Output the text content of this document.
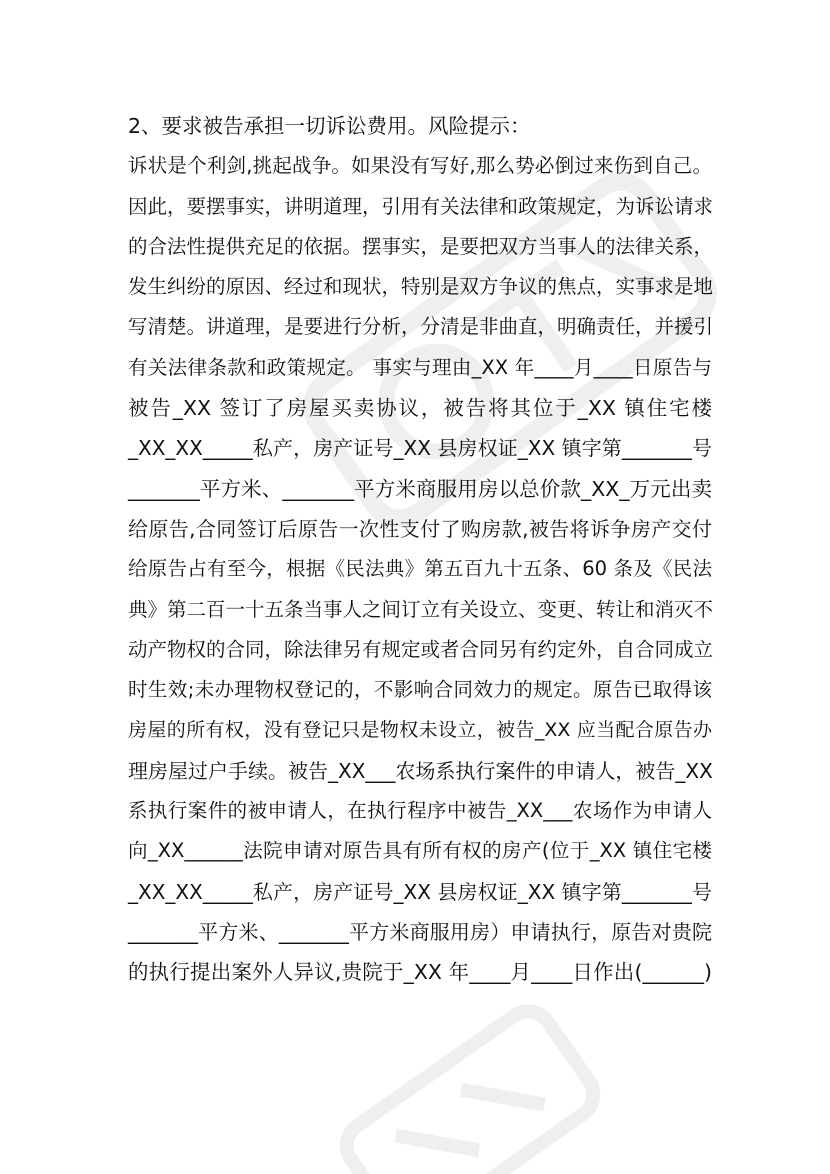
2、要求被告承担一切诉讼费用。风险提示：
诉状是个利剑,挑起战争。如果没有写好,那么势必倒过来伤到自己。
因此，要摆事实，讲明道理，引用有关法律和政策规定，为诉讼请求
的合法性提供充足的依据。摆事实，是要把双方当事人的法律关系，
发生纠纷的原因、经过和现状，特别是双方争议的焦点，实事求是地
写清楚。讲道理，是要进行分析，分清是非曲直，明确责任，并援引
有关法律条款和政策规定。 事实与理由_XX 年____月____日原告与
被告_XX 签订了房屋买卖协议，被告将其位于_XX 镇住宅楼
_XX_XX_____私产，房产证号_XX 县房权证_XX 镇字第_______号
_______平方米、_______平方米商服用房以总价款_XX_万元出卖
给原告,合同签订后原告一次性支付了购房款,被告将诉争房产交付
给原告占有至今，根据《民法典》第五百九十五条、60 条及《民法
典》第二百一十五条当事人之间订立有关设立、变更、转让和消灭不
动产物权的合同，除法律另有规定或者合同另有约定外，自合同成立
时生效;未办理物权登记的，不影响合同效力的规定。原告已取得该
房屋的所有权，没有登记只是物权未设立，被告_XX 应当配合原告办
理房屋过户手续。被告_XX___农场系执行案件的申请人，被告_XX
系执行案件的被申请人，在执行程序中被告_XX___农场作为申请人
向_XX______法院申请对原告具有所有权的房产(位于_XX 镇住宅楼
_XX_XX_____私产，房产证号_XX 县房权证_XX 镇字第_______号
_______平方米、_______平方米商服用房）申请执行，原告对贵院
的执行提出案外人异议,贵院于_XX 年____月____日作出(______)
